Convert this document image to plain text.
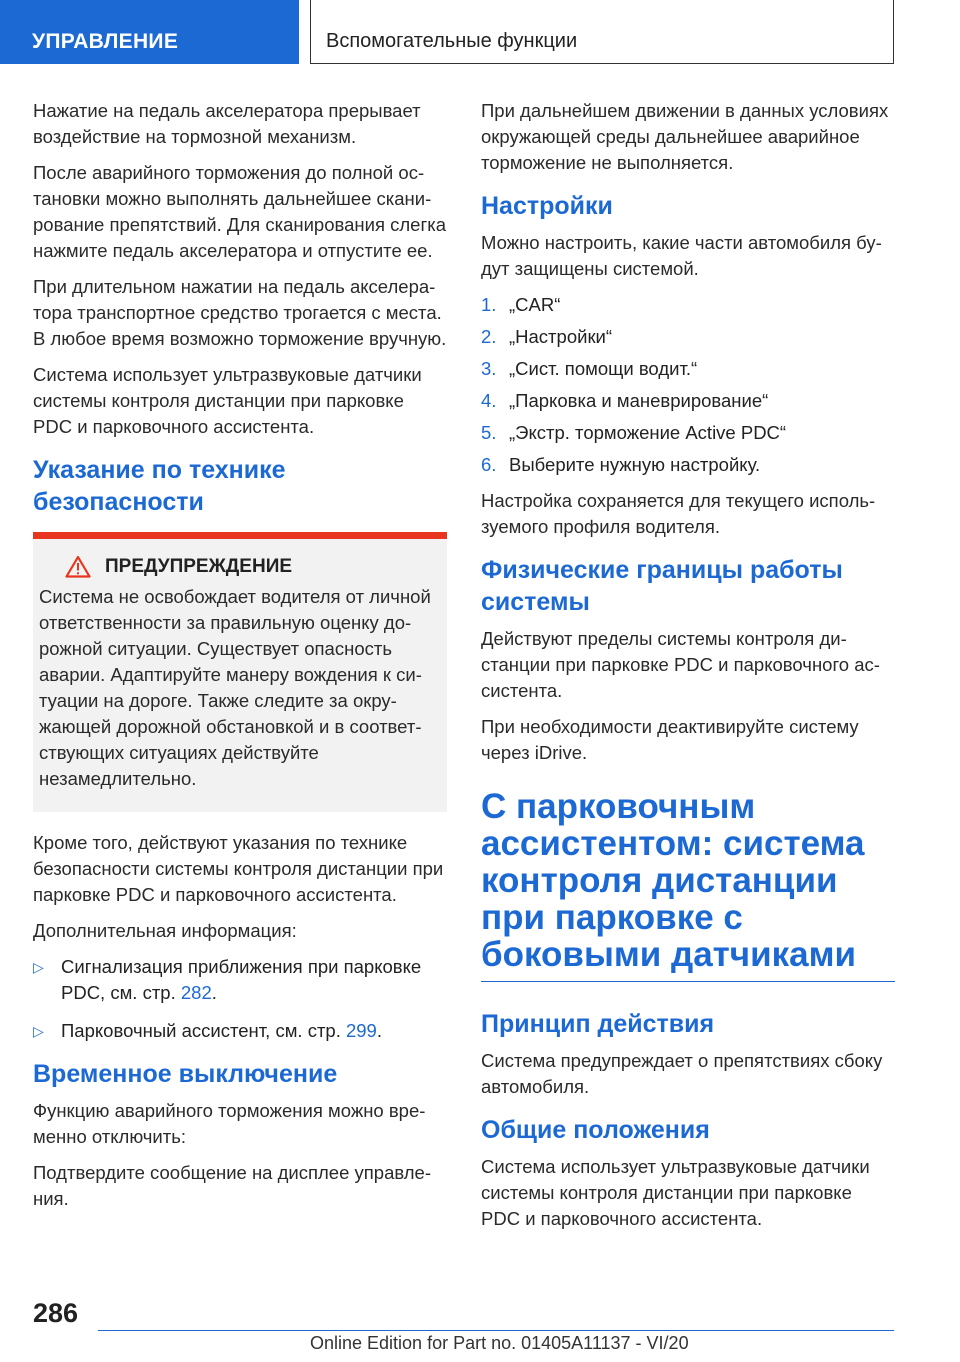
УПРАВЛЕНИЕ	Вспомогательные функции

Нажатие на педаль акселератора прерывает воздействие на тормозной механизм.

После аварийного торможения до полной остановки можно выполнять дальнейшее сканирование препятствий. Для сканирования слегка нажмите педаль акселератора и отпустите ее.

При длительном нажатии на педаль акселератора транспортное средство трогается с места. В любое время возможно торможение вручную.

Система использует ультразвуковые датчики системы контроля дистанции при парковке PDC и парковочного ассистента.

Указание по технике безопасности
ПРЕДУПРЕЖДЕНИЕ

Система не освобождает водителя от личной ответственности за правильную оценку дорожной ситуации. Существует опасность аварии. Адаптируйте манеру вождения к ситуации на дороге. Также следите за окружающей дорожной обстановкой и в соответствующих ситуациях действуйте незамедлительно.

Кроме того, действуют указания по технике безопасности системы контроля дистанции при парковке PDC и парковочного ассистента.

Дополнительная информация:

▷ Сигнализация приближения при парковке PDC, см. стр. 282.
▷ Парковочный ассистент, см. стр. 299.
Временное выключение

Функцию аварийного торможения можно временно отключить:

Подтвердите сообщение на дисплее управления.

При дальнейшем движении в данных условиях окружающей среды дальнейшее аварийное торможение не выполняется.

Настройки

Можно настроить, какие части автомобиля будут защищены системой.

1. „CAR“
2. „Настройки“
3. „Сист. помощи водит.“
4. „Парковка и маневрирование“
5. „Экстр. торможение Active PDC“
6. Выберите нужную настройку.

Настройка сохраняется для текущего используемого профиля водителя.

Физические границы работы системы

Действуют пределы системы контроля дистанции при парковке PDC и парковочного ассистента.

При необходимости деактивируйте систему через iDrive.

С парковочным ассистентом: система контроля дистанции при парковке с боковыми датчиками
Принцип действия

Система предупреждает о препятствиях сбоку автомобиля.

Общие положения

Система использует ультразвуковые датчики системы контроля дистанции при парковке PDC и парковочного ассистента.

286
Online Edition for Part no. 01405A11137 - VI/20
